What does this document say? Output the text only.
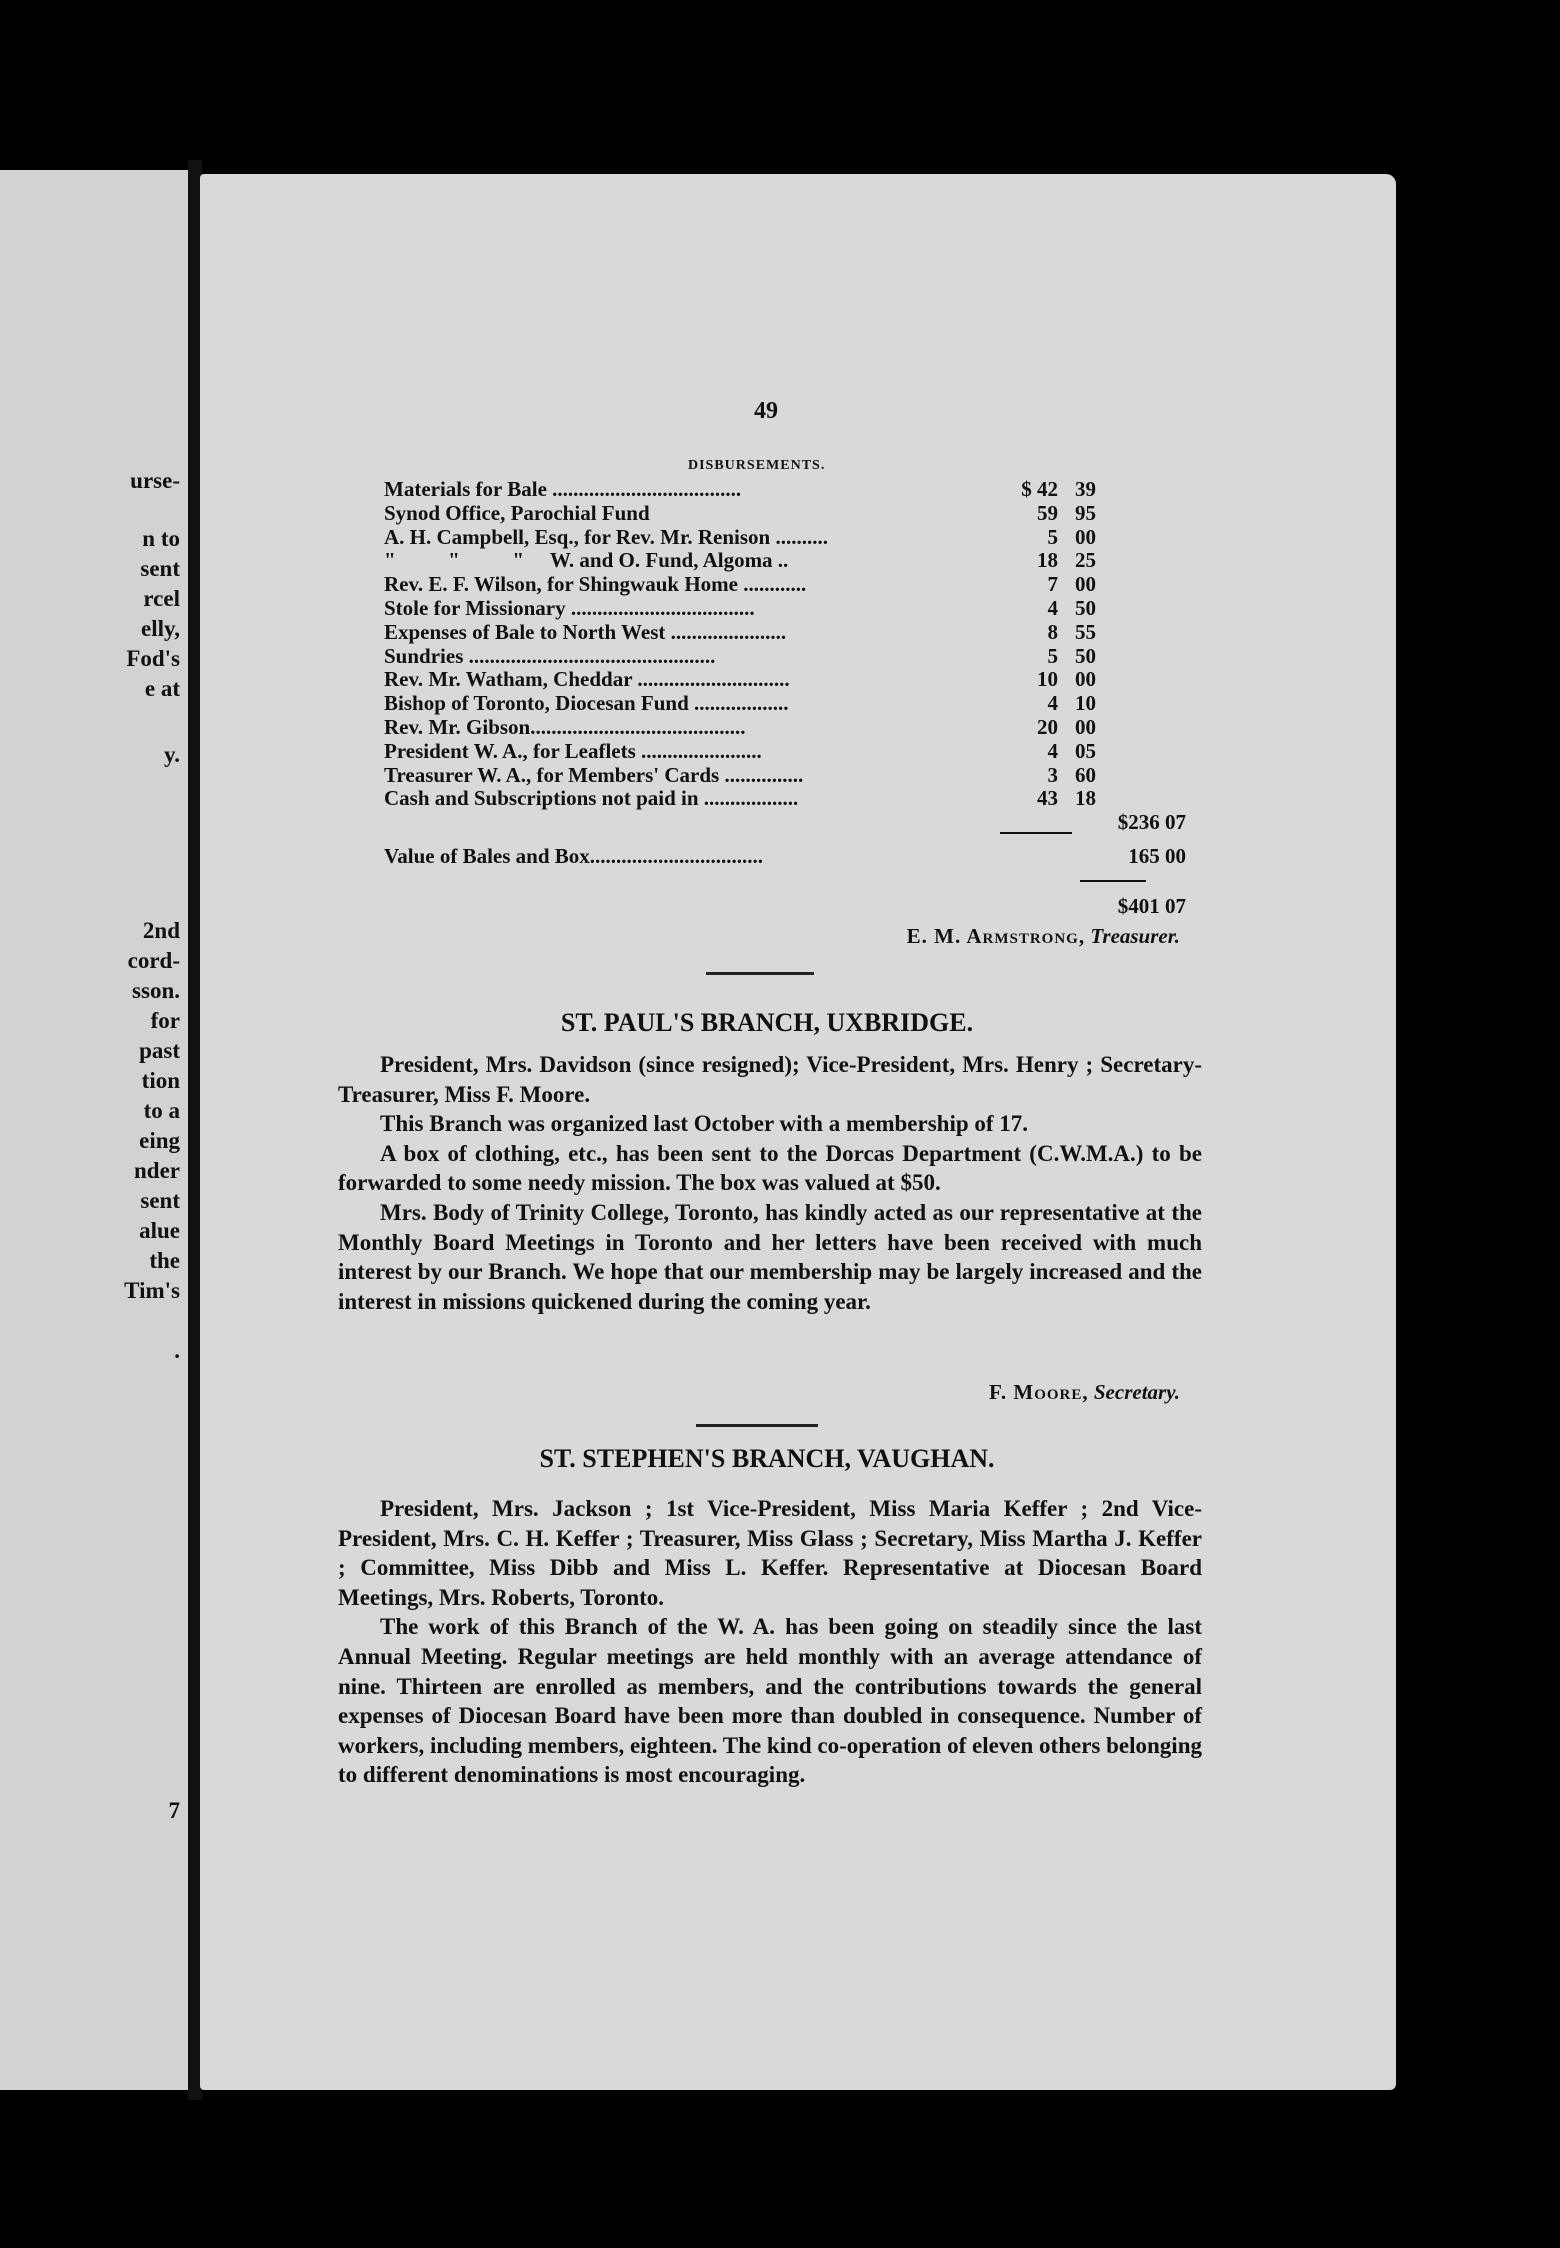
urse-
n to
sent
rcel
elly,
Fod's
e at
y.
2nd
cord-
sson.
for
past
tion
to a
eing
nder
sent
alue
the
Tim's
.
7
49
DISBURSEMENTS.
Materials for Bale ....................................	$ 42 39
Synod Office, Parochial Fund	59 95
A. H. Campbell, Esq., for Rev. Mr. Renison ..........	5 00
"          "          "     W. and O. Fund, Algoma ..	18 25
Rev. E. F. Wilson, for Shingwauk Home ............	7 00
Stole for Missionary ...................................	4 50
Expenses of Bale to North West ......................	8 55
Sundries ...............................................	5 50
Rev. Mr. Watham, Cheddar .............................	10 00
Bishop of Toronto, Diocesan Fund ..................	4 10
Rev. Mr. Gibson.........................................	20 00
President W. A., for Leaflets .......................	4 05
Treasurer W. A., for Members' Cards ...............	3 60
Cash and Subscriptions not paid in ..................	43 18
$236 07
Value of Bales and Box.................................	165 00
$401 07
E. M. Armstrong, Treasurer.
ST. PAUL'S BRANCH, UXBRIDGE.
President, Mrs. Davidson (since resigned); Vice-President, Mrs. Henry ; Secretary-Treasurer, Miss F. Moore.
This Branch was organized last October with a membership of 17.
A box of clothing, etc., has been sent to the Dorcas Department (C.W.M.A.) to be forwarded to some needy mission. The box was valued at $50.
Mrs. Body of Trinity College, Toronto, has kindly acted as our representative at the Monthly Board Meetings in Toronto and her letters have been received with much interest by our Branch. We hope that our membership may be largely increased and the interest in missions quickened during the coming year.
F. Moore, Secretary.
ST. STEPHEN'S BRANCH, VAUGHAN.
President, Mrs. Jackson ; 1st Vice-President, Miss Maria Keffer ; 2nd Vice-President, Mrs. C. H. Keffer ; Treasurer, Miss Glass ; Secretary, Miss Martha J. Keffer ; Committee, Miss Dibb and Miss L. Keffer. Representative at Diocesan Board Meetings, Mrs. Roberts, Toronto.
The work of this Branch of the W. A. has been going on steadily since the last Annual Meeting. Regular meetings are held monthly with an average attendance of nine. Thirteen are enrolled as members, and the contributions towards the general expenses of Diocesan Board have been more than doubled in consequence. Number of workers, including members, eighteen. The kind co-operation of eleven others belonging to different denominations is most encouraging.
